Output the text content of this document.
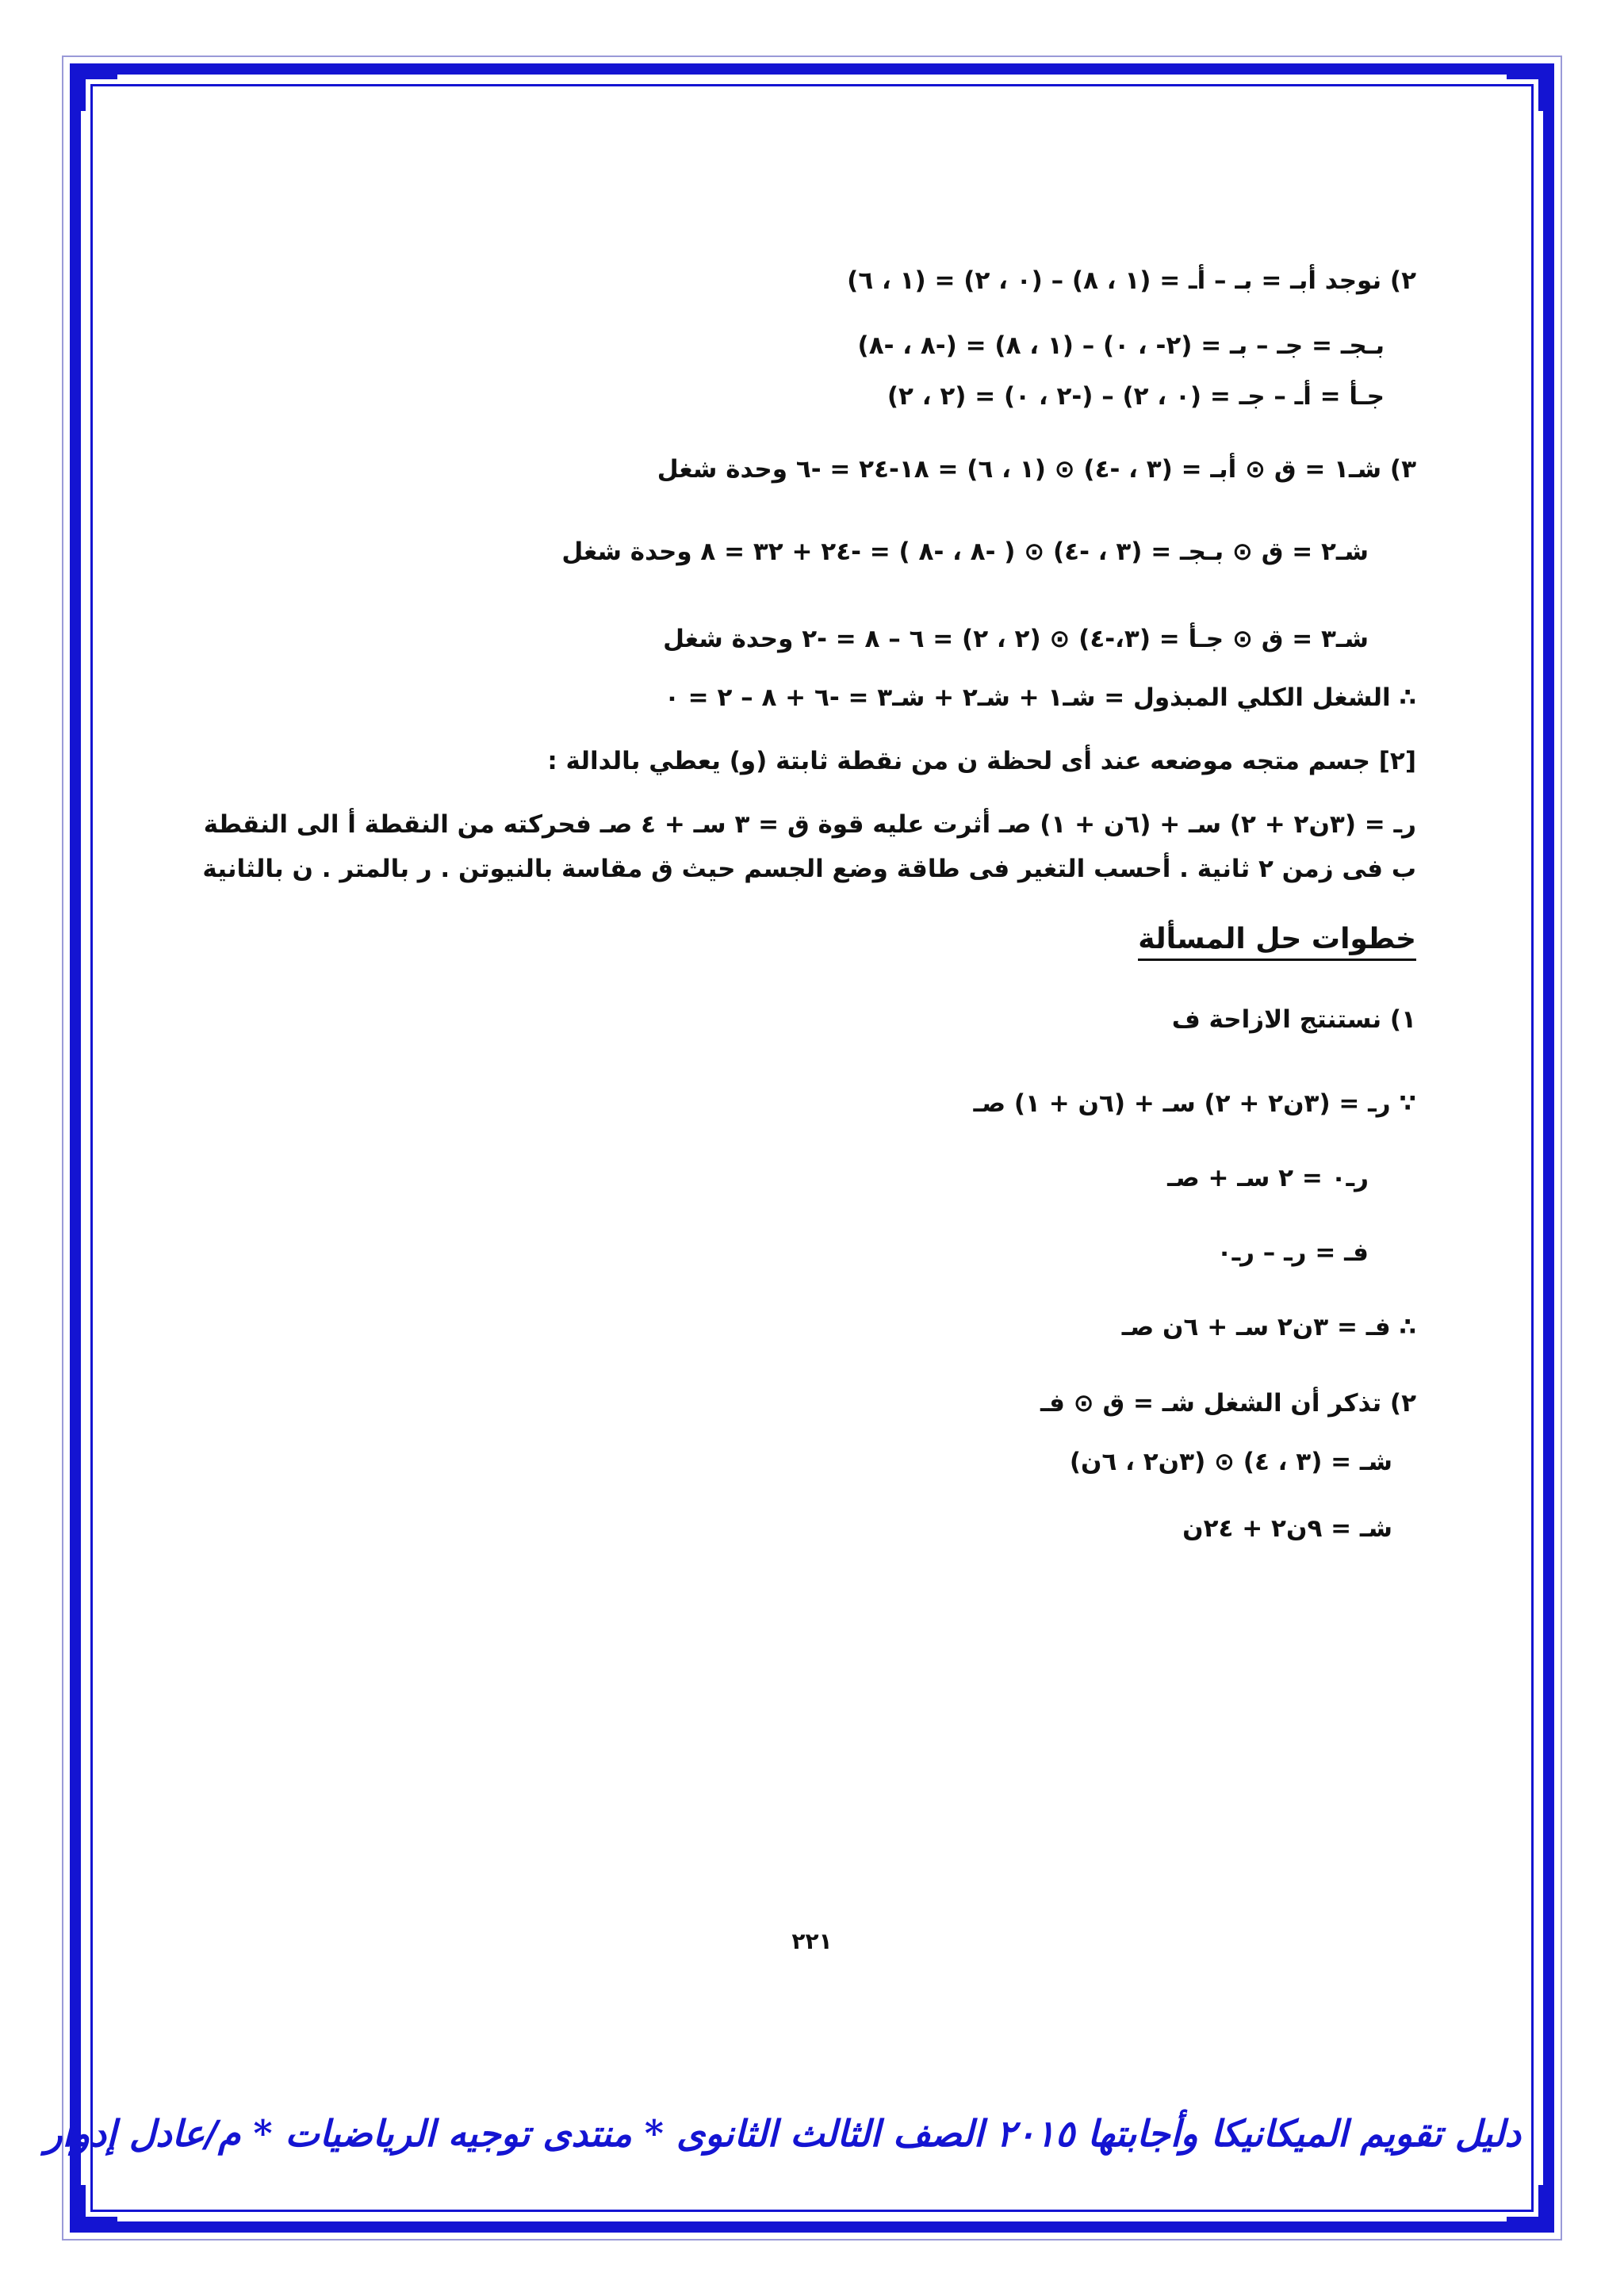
٢) نوجد أبـ = بـ – أـ = (١ ، ٨) – (٠ ، ٢) = (١ ، ٦)
بـجـ = جـ – بـ = (٢- ، ٠) – (١ ، ٨) = (-٨ ، -٨)
جـأ = أـ – جـ = (٠ ، ٢) – (-٢ ، ٠) = (٢ ، ٢)
٣) شـ١ = ق ⊙ أبـ = (٣ ، -٤) ⊙ (١ ، ٦) = ١٨-٢٤ = -٦ وحدة شغل
شـ٢ = ق ⊙ بـجـ = (٣ ، -٤) ⊙ ( -٨ ، -٨ ) = -٢٤ + ٣٢ = ٨ وحدة شغل
شـ٣ = ق ⊙ جـأ = (٣،-٤) ⊙ (٢ ، ٢) = ٦ – ٨ = -٢ وحدة شغل
∴ الشغل الكلي المبذول = شـ١ + شـ٢ + شـ٣ = -٦ + ٨ – ٢ = ٠
[٢] جسم متجه موضعه عند أى لحظة ن من نقطة ثابتة (و) يعطي بالدالة :
رـ = (٣ن٢ + ٢) سـ + (٦ن + ١) صـ أثرت عليه قوة ق = ٣ سـ + ٤ صـ فحركته من النقطة أ الى النقطة ب فى زمن ٢ ثانية . أحسب التغير فى طاقة وضع الجسم حيث ق مقاسة بالنيوتن . ر بالمتر . ن بالثانية
خطوات حل المسألة
١) نستنتج الازاحة ف
∵ رـ = (٣ن٢ + ٢) سـ + (٦ن + ١) صـ
رـ٠ = ٢ سـ + صـ
فـ = رـ – رـ٠
∴ فـ = ٣ن٢ سـ + ٦ن صـ
٢) تذكر أن الشغل شـ = ق ⊙ فـ
شـ = (٣ ، ٤) ⊙ (٣ن٢ ، ٦ن)
شـ = ٩ن٢ + ٢٤ن
٢٢١
دليل تقويم الميكانيكا وأجابتها ٢٠١٥ الصف الثالث الثانوى * منتدى توجيه الرياضيات * م/عادل إدوار
